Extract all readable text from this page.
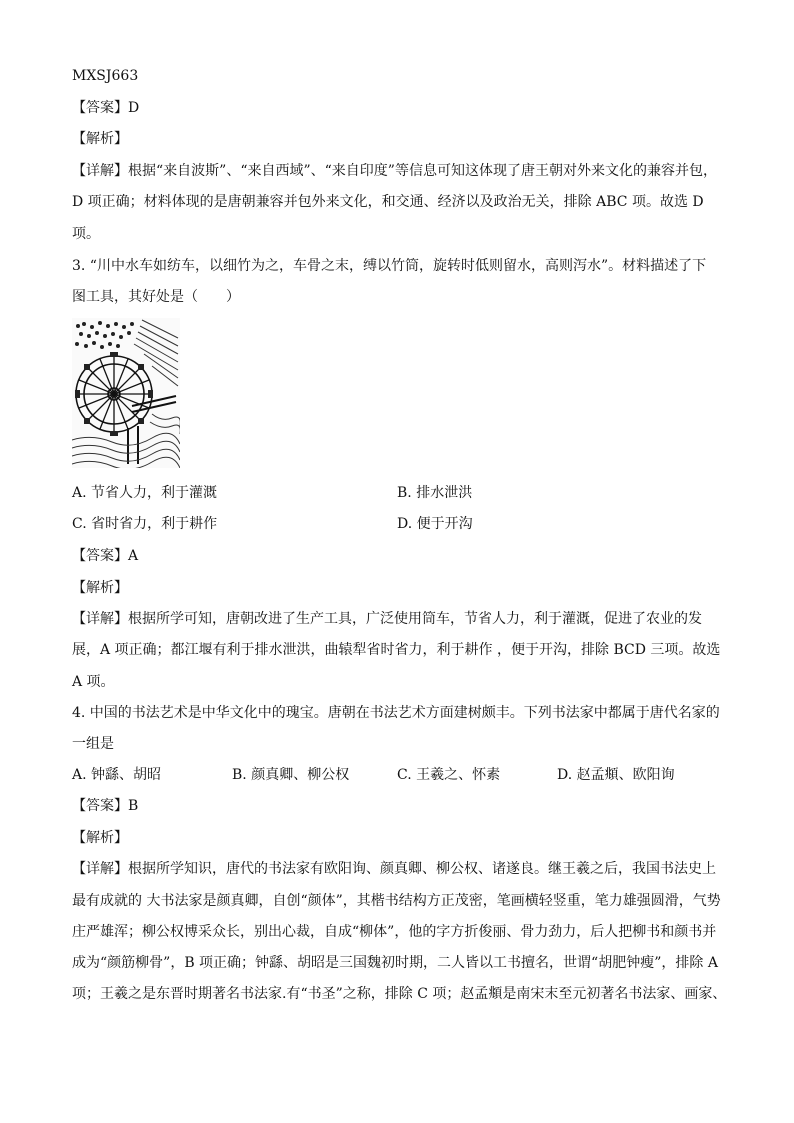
MXSJ663
【答案】D
【解析】
【详解】根据“来自波斯”、“来自西域”、“来自印度”等信息可知这体现了唐王朝对外来文化的兼容并包，
D 项正确；材料体现的是唐朝兼容并包外来文化，和交通、经济以及政治无关，排除 ABC 项。故选 D
项。
3. “川中水车如纺车，以细竹为之，车骨之末，缚以竹筒，旋转时低则留水，高则泻水”。材料描述了下
图工具，其好处是（　　）
A. 节省人力，利于灌溉	B. 排水泄洪
C. 省时省力，利于耕作	D. 便于开沟
【答案】A
【解析】
【详解】根据所学可知，唐朝改进了生产工具，广泛使用筒车，节省人力，利于灌溉，促进了农业的发
展，A 项正确；都江堰有利于排水泄洪，曲辕犁省时省力，利于耕作 ，便于开沟，排除 BCD 三项。故选
A 项。
4. 中国的书法艺术是中华文化中的瑰宝。唐朝在书法艺术方面建树颇丰。下列书法家中都属于唐代名家的
一组是
A. 钟繇、胡昭	B. 颜真卿、柳公权	C. 王羲之、怀素	D. 赵孟頫、欧阳询
【答案】B
【解析】
【详解】根据所学知识，唐代的书法家有欧阳询、颜真卿、柳公权、诸遂良。继王羲之后，我国书法史上
最有成就的 大书法家是颜真卿，自创“颜体”，其楷书结构方正茂密，笔画横轻竖重，笔力雄强圆滑，气势
庄严雄浑；柳公权博采众长，别出心裁，自成“柳体”，他的字方折俊丽、骨力劲力，后人把柳书和颜书并
成为“颜筋柳骨”，B 项正确；钟繇、胡昭是三国魏初时期，二人皆以工书擅名，世谓“胡肥钟瘦”，排除 A
项；王羲之是东晋时期著名书法家.有“书圣”之称，排除 C 项；赵孟頫是南宋末至元初著名书法家、画家、
